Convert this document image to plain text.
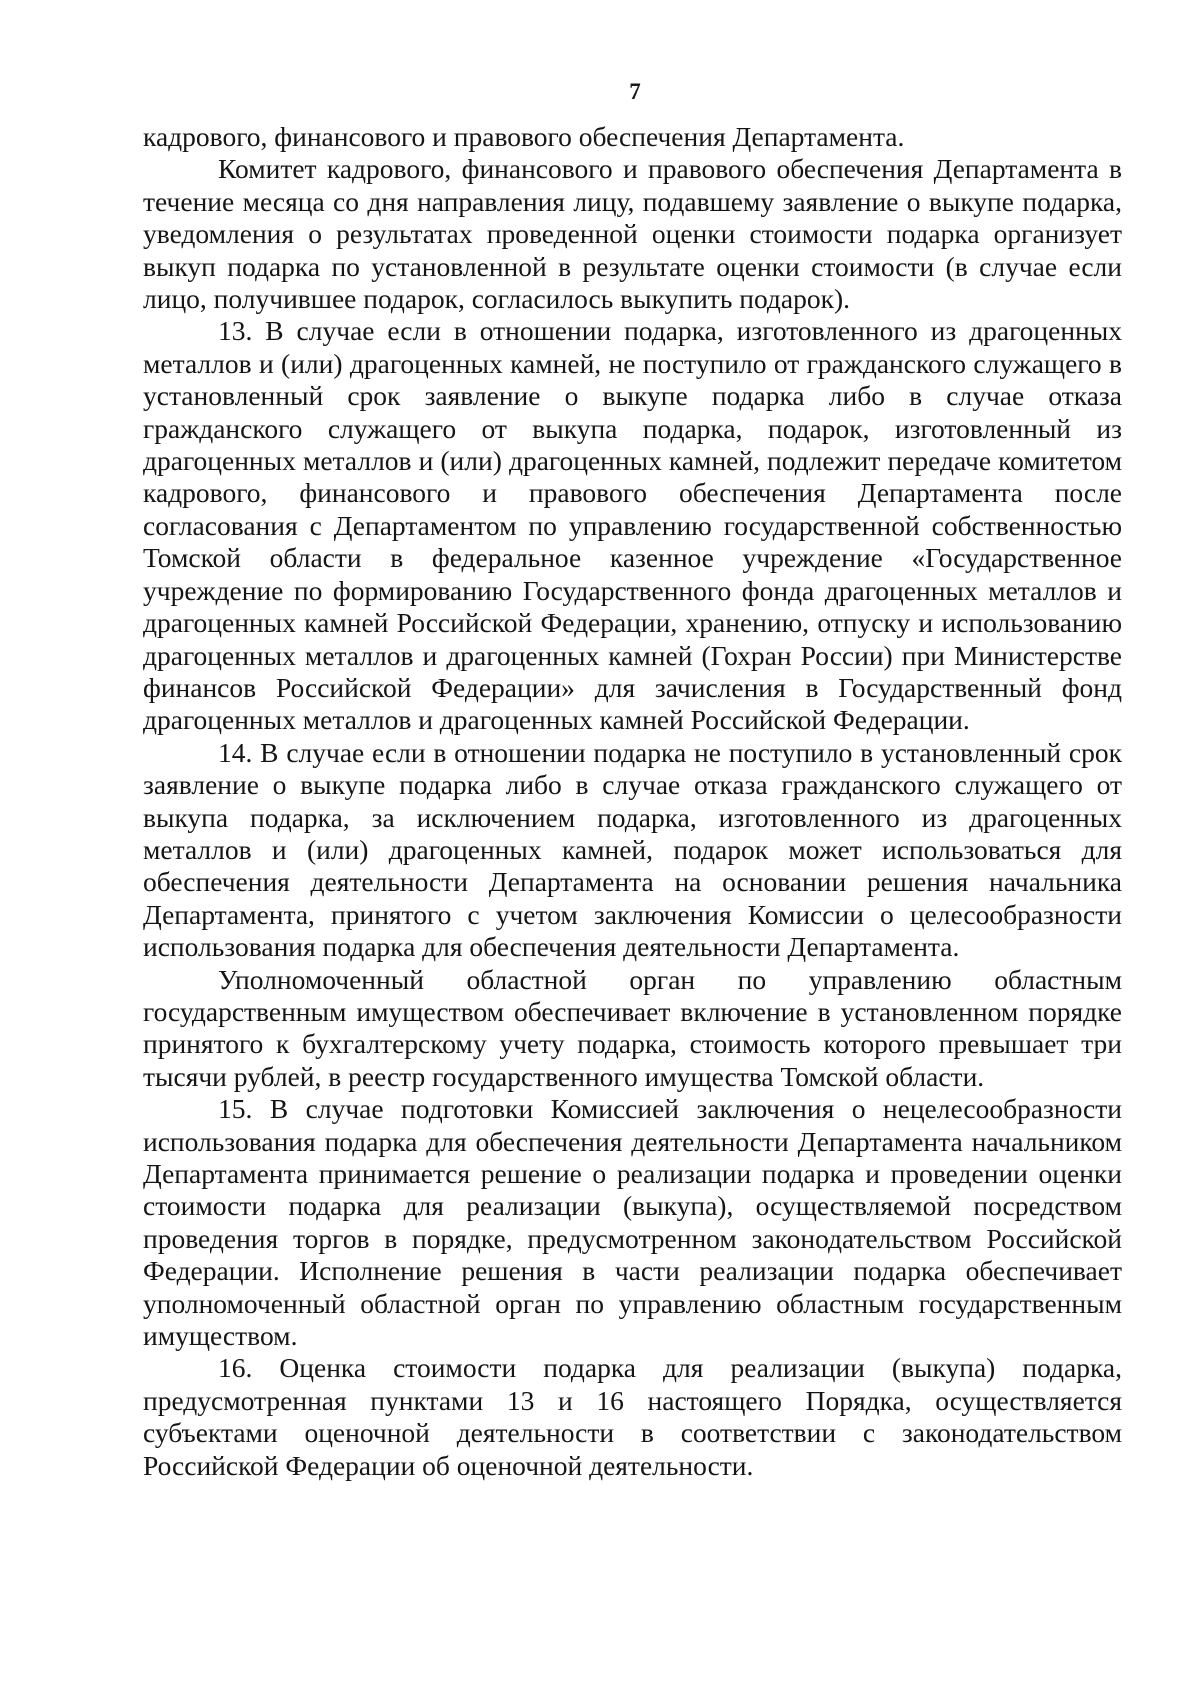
7

кадрового, финансового и правового обеспечения Департамента.

Комитет кадрового, финансового и правового обеспечения Департамента в течение месяца со дня направления лицу, подавшему заявление о выкупе подарка, уведомления о результатах проведенной оценки стоимости подарка организует выкуп подарка по установленной в результате оценки стоимости (в случае если лицо, получившее подарок, согласилось выкупить подарок).

13. В случае если в отношении подарка, изготовленного из драгоценных металлов и (или) драгоценных камней, не поступило от гражданского служащего в установленный срок заявление о выкупе подарка либо в случае отказа гражданского служащего от выкупа подарка, подарок, изготовленный из драгоценных металлов и (или) драгоценных камней, подлежит передаче комитетом кадрового, финансового и правового обеспечения Департамента после согласования с Департаментом по управлению государственной собственностью Томской области в федеральное казенное учреждение «Государственное учреждение по формированию Государственного фонда драгоценных металлов и драгоценных камней Российской Федерации, хранению, отпуску и использованию драгоценных металлов и драгоценных камней (Гохран России) при Министерстве финансов Российской Федерации» для зачисления в Государственный фонд драгоценных металлов и драгоценных камней Российской Федерации.

14. В случае если в отношении подарка не поступило в установленный срок заявление о выкупе подарка либо в случае отказа гражданского служащего от выкупа подарка, за исключением подарка, изготовленного из драгоценных металлов и (или) драгоценных камней, подарок может использоваться для обеспечения деятельности Департамента на основании решения начальника Департамента, принятого с учетом заключения Комиссии о целесообразности использования подарка для обеспечения деятельности Департамента.

Уполномоченный областной орган по управлению областным государственным имуществом обеспечивает включение в установленном порядке принятого к бухгалтерскому учету подарка, стоимость которого превышает три тысячи рублей, в реестр государственного имущества Томской области.

15. В случае подготовки Комиссией заключения о нецелесообразности использования подарка для обеспечения деятельности Департамента начальником Департамента принимается решение о реализации подарка и проведении оценки стоимости подарка для реализации (выкупа), осуществляемой посредством проведения торгов в порядке, предусмотренном законодательством Российской Федерации. Исполнение решения в части реализации подарка обеспечивает уполномоченный областной орган по управлению областным государственным имуществом.

16. Оценка стоимости подарка для реализации (выкупа) подарка, предусмотренная пунктами 13 и 16 настоящего Порядка, осуществляется субъектами оценочной деятельности в соответствии с законодательством Российской Федерации об оценочной деятельности.
